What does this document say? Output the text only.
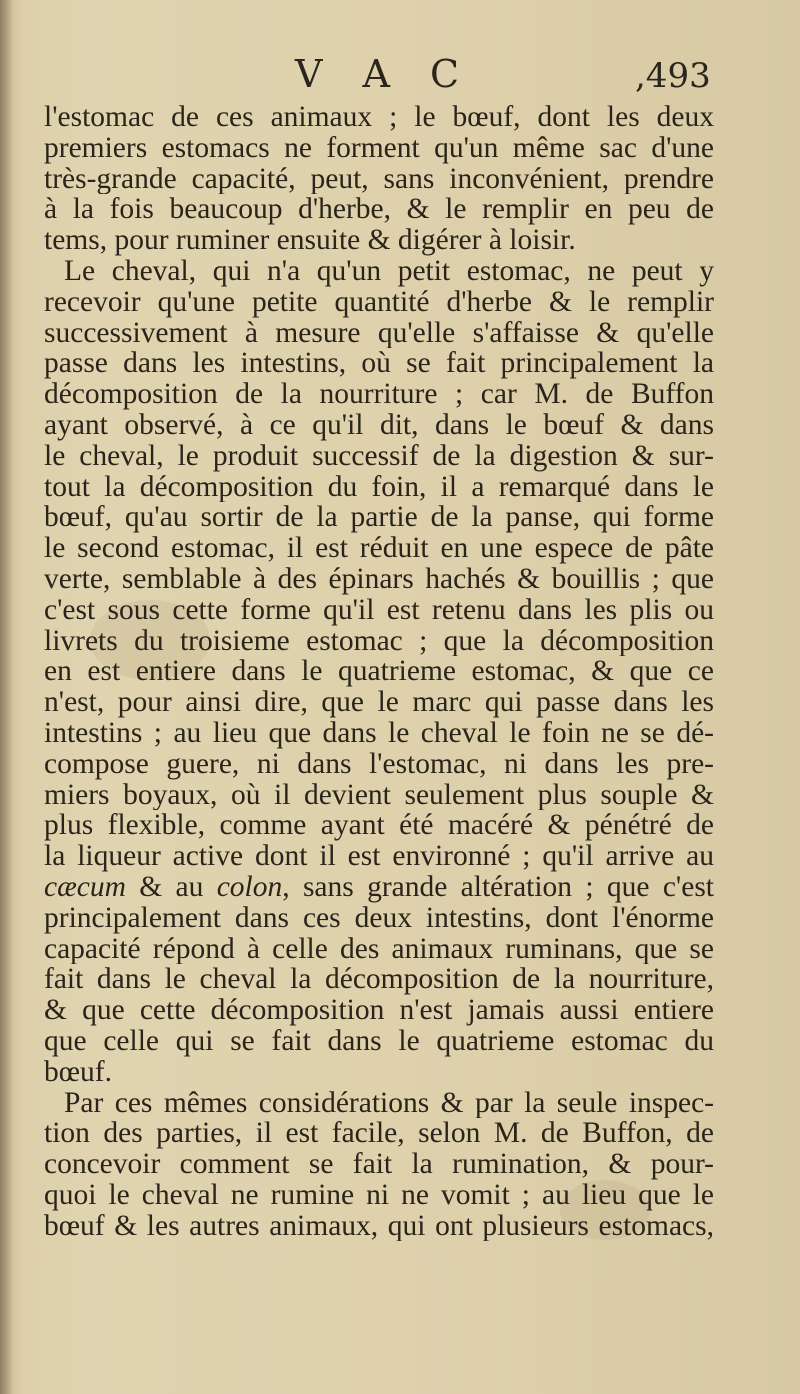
V A C	,493
l'estomac de ces animaux ; le bœuf, dont les deux
premiers estomacs ne forment qu'un même sac d'une
très-grande capacité, peut, sans inconvénient, prendre
à la fois beaucoup d'herbe, & le remplir en peu de
tems, pour ruminer ensuite & digérer à loisir.
Le cheval, qui n'a qu'un petit estomac, ne peut y
recevoir qu'une petite quantité d'herbe & le remplir
successivement à mesure qu'elle s'affaisse & qu'elle
passe dans les intestins, où se fait principalement la
décomposition de la nourriture ; car M. de Buffon
ayant observé, à ce qu'il dit, dans le bœuf & dans
le cheval, le produit successif de la digestion & sur-
tout la décomposition du foin, il a remarqué dans le
bœuf, qu'au sortir de la partie de la panse, qui forme
le second estomac, il est réduit en une espece de pâte
verte, semblable à des épinars hachés & bouillis ; que
c'est sous cette forme qu'il est retenu dans les plis ou
livrets du troisieme estomac ; que la décomposition
en est entiere dans le quatrieme estomac, & que ce
n'est, pour ainsi dire, que le marc qui passe dans les
intestins ; au lieu que dans le cheval le foin ne se dé-
compose guere, ni dans l'estomac, ni dans les pre-
miers boyaux, où il devient seulement plus souple &
plus flexible, comme ayant été macéré & pénétré de
la liqueur active dont il est environné ; qu'il arrive au
cæcum & au colon, sans grande altération ; que c'est
principalement dans ces deux intestins, dont l'énorme
capacité répond à celle des animaux ruminans, que se
fait dans le cheval la décomposition de la nourriture,
& que cette décomposition n'est jamais aussi entiere
que celle qui se fait dans le quatrieme estomac du
bœuf.
Par ces mêmes considérations & par la seule inspec-
tion des parties, il est facile, selon M. de Buffon, de
concevoir comment se fait la rumination, & pour-
quoi le cheval ne rumine ni ne vomit ; au lieu que le
bœuf & les autres animaux, qui ont plusieurs estomacs,
